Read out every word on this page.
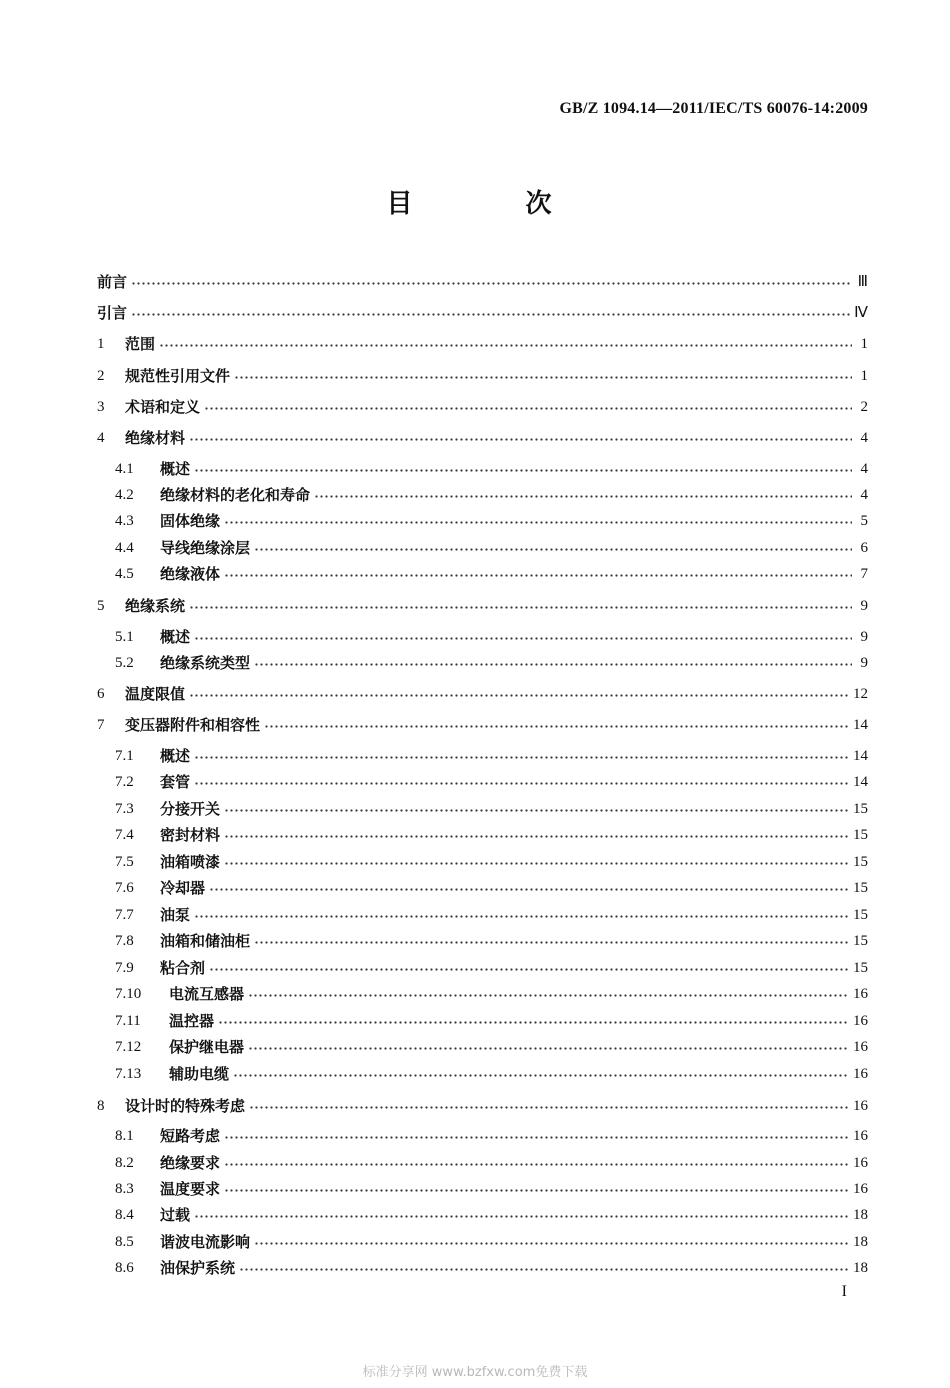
GB/Z 1094.14—2011/IEC/TS 60076-14:2009
目 次
前言	Ⅲ
引言	Ⅳ
1	范围	1
2	规范性引用文件	1
3	术语和定义	2
4	绝缘材料	4
4.1	概述	4
4.2	绝缘材料的老化和寿命	4
4.3	固体绝缘	5
4.4	导线绝缘涂层	6
4.5	绝缘液体	7
5	绝缘系统	9
5.1	概述	9
5.2	绝缘系统类型	9
6	温度限值	12
7	变压器附件和相容性	14
7.1	概述	14
7.2	套管	14
7.3	分接开关	15
7.4	密封材料	15
7.5	油箱喷漆	15
7.6	冷却器	15
7.7	油泵	15
7.8	油箱和储油柜	15
7.9	粘合剂	15
7.10	电流互感器	16
7.11	温控器	16
7.12	保护继电器	16
7.13	辅助电缆	16
8	设计时的特殊考虑	16
8.1	短路考虑	16
8.2	绝缘要求	16
8.3	温度要求	16
8.4	过载	18
8.5	谐波电流影响	18
8.6	油保护系统	18
I
标准分享网 www.bzfxw.com免费下载
